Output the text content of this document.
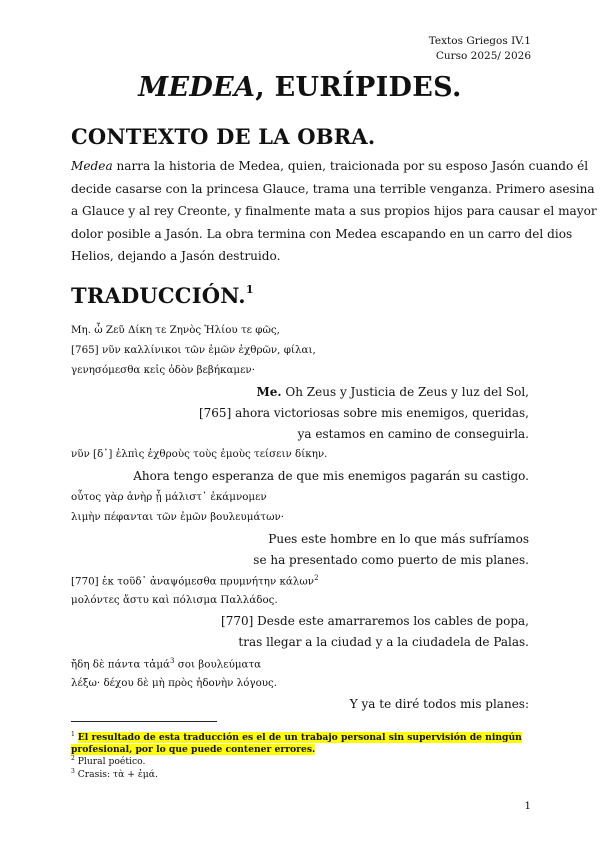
Textos Griegos IV.1
Curso 2025/ 2026
MEDEA, EURÍPIDES.
CONTEXTO DE LA OBRA.
Medea narra la historia de Medea, quien, traicionada por su esposo Jasón cuando él
decide casarse con la princesa Glauce, trama una terrible venganza. Primero asesina
a Glauce y al rey Creonte, y finalmente mata a sus propios hijos para causar el mayor
dolor posible a Jasón. La obra termina con Medea escapando en un carro del dios
Helios, dejando a Jasón destruido.
TRADUCCIÓN.$^1$
Μη. ὦ Ζεῦ Δίκη τε Ζηνὸς Ἡλίου τε φῶς,
[765] νῦν καλλίνικοι τῶν ἐμῶν ἐχθρῶν, φίλαι,
γενησόμεσθα κεἰς ὁδὸν βεβήκαμεν·
Me. Oh Zeus y Justicia de Zeus y luz del Sol,
[765] ahora victoriosas sobre mis enemigos, queridas,
ya estamos en camino de conseguirla.
νῦν [δ᾽] ἐλπὶς ἐχθροὺς τοὺς ἐμοὺς τείσειν δίκην.
Ahora tengo esperanza de que mis enemigos pagarán su castigo.
οὗτος γὰρ ἁνὴρ ᾗ μάλιστ᾽ ἐκάμνομεν
λιμὴν πέφανται τῶν ἐμῶν βουλευμάτων·
Pues este hombre en lo que más sufríamos
se ha presentado como puerto de mis planes.
[770] ἐκ τοῦδ᾽ ἀναψόμεσθα πρυμνήτην κάλων$^2$
μολόντες ἄστυ καὶ πόλισμα Παλλάδος.
[770] Desde este amarraremos los cables de popa,
tras llegar a la ciudad y a la ciudadela de Palas.
ἤδη δὲ πάντα τἀμά$^3$ σοι βουλεύματα
λέξω· δέχου δὲ μὴ πρὸς ἡδονὴν λόγους.
Y ya te diré todos mis planes:
$^1$ El resultado de esta traducción es el de un trabajo personal sin supervisión de ningún profesional, por lo que puede contener errores.
$^2$ Plural poético.
$^3$ Crasis: τὰ + ἐμά.
1
